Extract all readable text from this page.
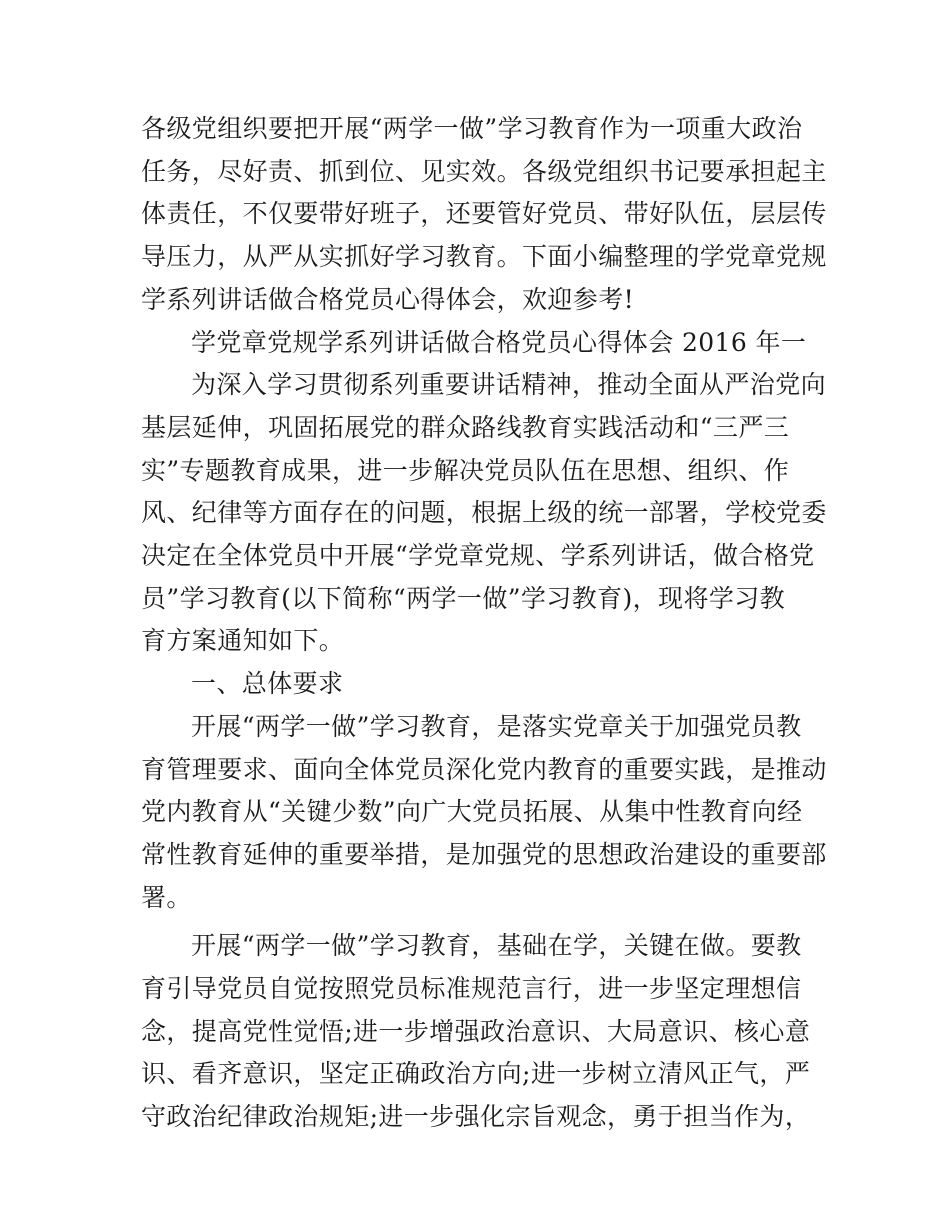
各级党组织要把开展“两学一做”学习教育作为一项重大政治
任务，尽好责、抓到位、见实效。各级党组织书记要承担起主
体责任，不仅要带好班子，还要管好党员、带好队伍，层层传
导压力，从严从实抓好学习教育。下面小编整理的学党章党规
学系列讲话做合格党员心得体会，欢迎参考!

学党章党规学系列讲话做合格党员心得体会 2016 年一

为深入学习贯彻系列重要讲话精神，推动全面从严治党向
基层延伸，巩固拓展党的群众路线教育实践活动和“三严三
实”专题教育成果，进一步解决党员队伍在思想、组织、作
风、纪律等方面存在的问题，根据上级的统一部署，学校党委
决定在全体党员中开展“学党章党规、学系列讲话，做合格党
员”学习教育(以下简称“两学一做”学习教育)，现将学习教
育方案通知如下。

一、总体要求

开展“两学一做”学习教育，是落实党章关于加强党员教
育管理要求、面向全体党员深化党内教育的重要实践，是推动
党内教育从“关键少数”向广大党员拓展、从集中性教育向经
常性教育延伸的重要举措，是加强党的思想政治建设的重要部
署。

开展“两学一做”学习教育，基础在学，关键在做。要教
育引导党员自觉按照党员标准规范言行，进一步坚定理想信
念，提高党性觉悟;进一步增强政治意识、大局意识、核心意
识、看齐意识，坚定正确政治方向;进一步树立清风正气，严
守政治纪律政治规矩;进一步强化宗旨观念，勇于担当作为，
